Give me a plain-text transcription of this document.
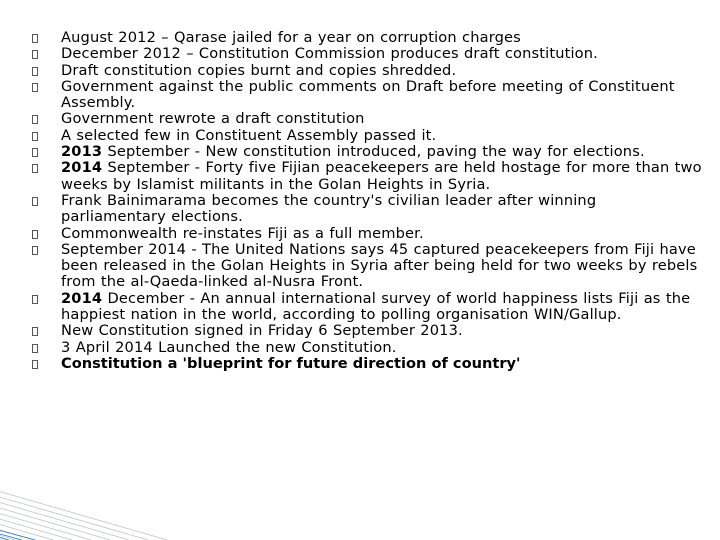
August 2012 – Qarase jailed for a year on corruption charges
December 2012 – Constitution Commission produces draft constitution.
Draft constitution copies burnt and copies shredded.
Government against the public comments on Draft before meeting of Constituent Assembly.
Government rewrote a draft constitution
A selected few in Constituent Assembly passed it.
2013 September - New constitution introduced, paving the way for elections.
2014 September - Forty five Fijian peacekeepers are held hostage for more than two weeks by Islamist militants in the Golan Heights in Syria.
Frank Bainimarama becomes the country's civilian leader after winning parliamentary elections.
Commonwealth re-instates Fiji as a full member.
September 2014 - The United Nations says 45 captured peacekeepers from Fiji have been released in the Golan Heights in Syria after being held for two weeks by rebels from the al-Qaeda-linked al-Nusra Front.
2014 December - An annual international survey of world happiness lists Fiji as the happiest nation in the world, according to polling organisation WIN/Gallup.
New Constitution signed in Friday 6 September 2013.
3 April 2014 Launched the new Constitution.
Constitution a 'blueprint for future direction of country'
